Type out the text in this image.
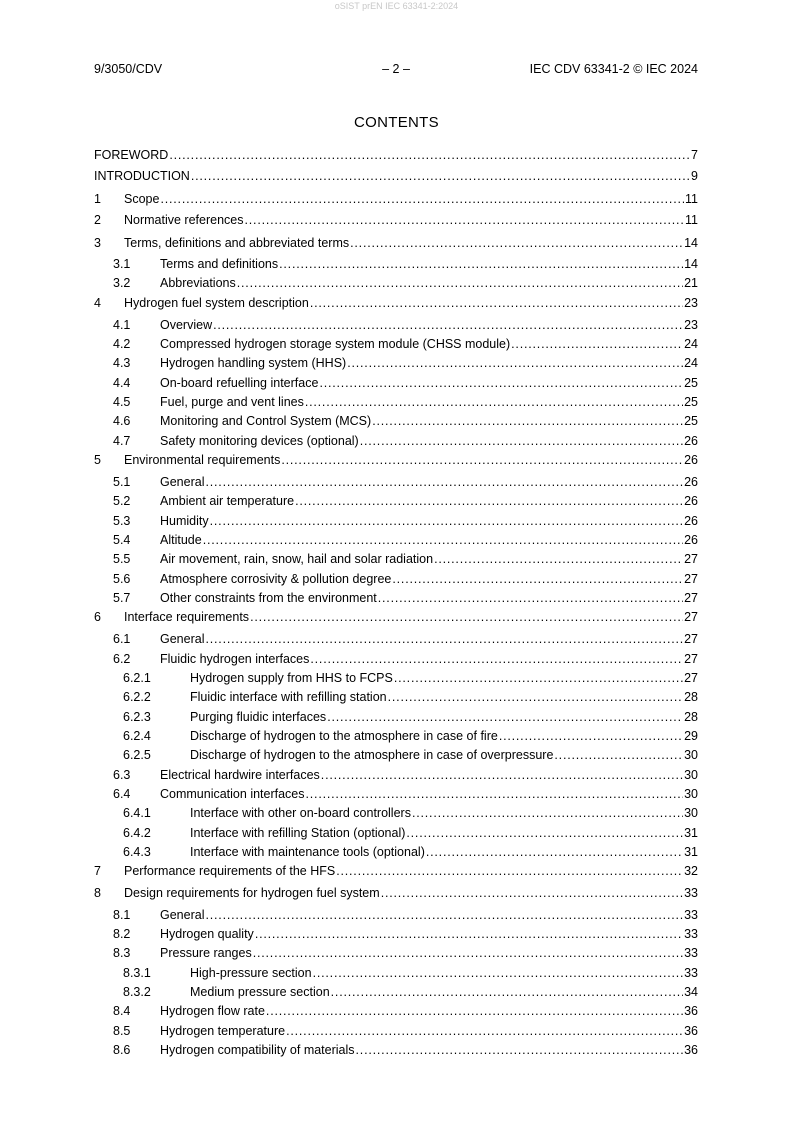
oSIST prEN IEC 63341-2:2024
9/3050/CDV	– 2 –	IEC CDV 63341-2 © IEC 2024
CONTENTS
FOREWORD .....	7
INTRODUCTION .....	9
1 Scope .....	11
2 Normative references .....	11
3 Terms, definitions and abbreviated terms .....	14
3.1 Terms and definitions .....	14
3.2 Abbreviations .....	21
4 Hydrogen fuel system description .....	23
4.1 Overview .....	23
4.2 Compressed hydrogen storage system module (CHSS module) .....	24
4.3 Hydrogen handling system (HHS) .....	24
4.4 On-board refuelling interface .....	25
4.5 Fuel, purge and vent lines .....	25
4.6 Monitoring and Control System (MCS) .....	25
4.7 Safety monitoring devices (optional) .....	26
5 Environmental requirements .....	26
5.1 General .....	26
5.2 Ambient air temperature .....	26
5.3 Humidity .....	26
5.4 Altitude .....	26
5.5 Air movement, rain, snow, hail and solar radiation .....	27
5.6 Atmosphere corrosivity & pollution degree .....	27
5.7 Other constraints from the environment .....	27
6 Interface requirements .....	27
6.1 General .....	27
6.2 Fluidic hydrogen interfaces .....	27
6.2.1	Hydrogen supply from HHS to FCPS .....	27
6.2.2	Fluidic interface with refilling station .....	28
6.2.3	Purging fluidic interfaces .....	28
6.2.4	Discharge of hydrogen to the atmosphere in case of fire .....	29
6.2.5	Discharge of hydrogen to the atmosphere in case of overpressure .....	30
6.3 Electrical hardwire interfaces .....	30
6.4 Communication interfaces .....	30
6.4.1	Interface with other on-board controllers .....	30
6.4.2	Interface with refilling Station (optional) .....	31
6.4.3	Interface with maintenance tools (optional) .....	31
7 Performance requirements of the HFS .....	32
8 Design requirements for hydrogen fuel system .....	33
8.1 General .....	33
8.2 Hydrogen quality .....	33
8.3 Pressure ranges .....	33
8.3.1	High-pressure section .....	33
8.3.2	Medium pressure section .....	34
8.4 Hydrogen flow rate .....	36
8.5 Hydrogen temperature .....	36
8.6 Hydrogen compatibility of materials .....	36
